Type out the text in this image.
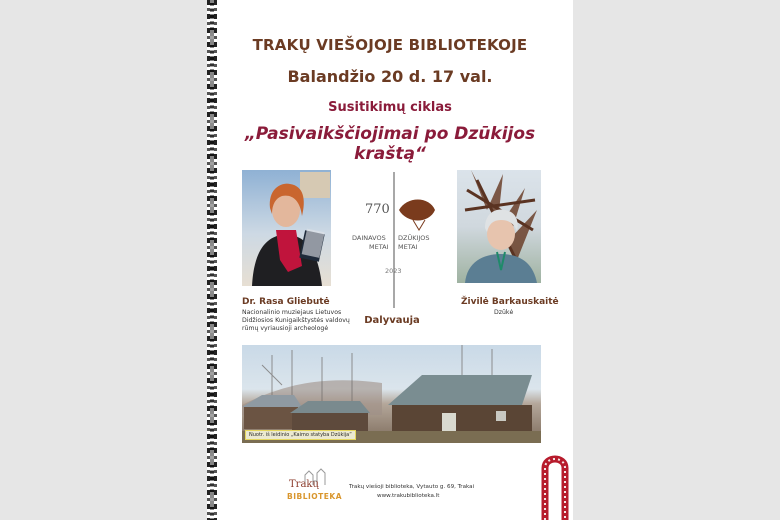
TRAKŲ VIEŠOJOJE BIBLIOTEKOJE
Balandžio 20 d. 17 val.
Susitikimų ciklas
„Pasivaikščiojimai po Dzūkijos kraštą“
770
DAINAVOS
METAI
DZŪKIJOS
METAI
2023
Dr. Rasa Gliebutė
Nacionalinio muziejaus Lietuvos
Didžiosios Kunigaikštystės valdovų
rūmų vyriausioji archeologė
Dalyvauja
Živilė Barkauskaitė
Dzūkė
Nuotr. iš leidinio „Kaimo statyba Dzūkija“
Trakų
BIBLIOTEKA
Trakų viešoji biblioteka, Vytauto g. 69, Trakai
www.trakubiblioteka.lt
